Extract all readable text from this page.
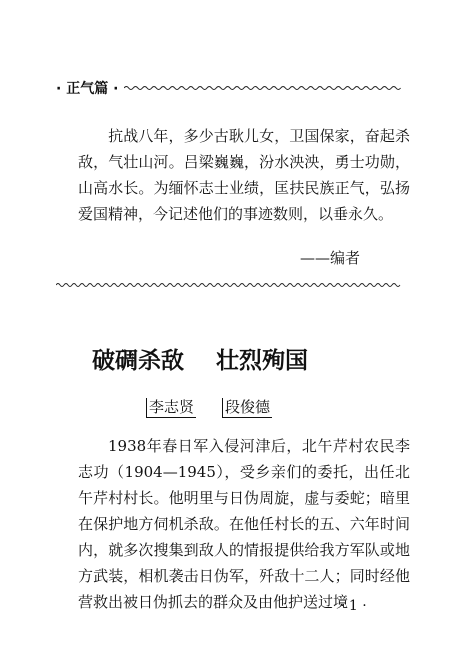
· 正气篇 ·

抗战八年，多少古耿儿女，卫国保家，奋起杀敌，气壮山河。吕梁巍巍，汾水泱泱，勇士功勋，山高水长。为缅怀志士业绩，匡扶民族正气，弘扬爱国精神，今记述他们的事迹数则，以垂永久。

——编者
破碉杀敌 壮烈殉国
李志贤 段俊德

1938年春日军入侵河津后，北午芹村农民李志功（1904—1945），受乡亲们的委托，出任北午芹村村长。他明里与日伪周旋，虚与委蛇；暗里在保护地方伺机杀敌。在他任村长的五、六年时间内，就多次搜集到敌人的情报提供给我方军队或地方武装，相机袭击日伪军，歼敌十二人；同时经他营救出被日伪抓去的群众及由他护送过境

· 1 ·
